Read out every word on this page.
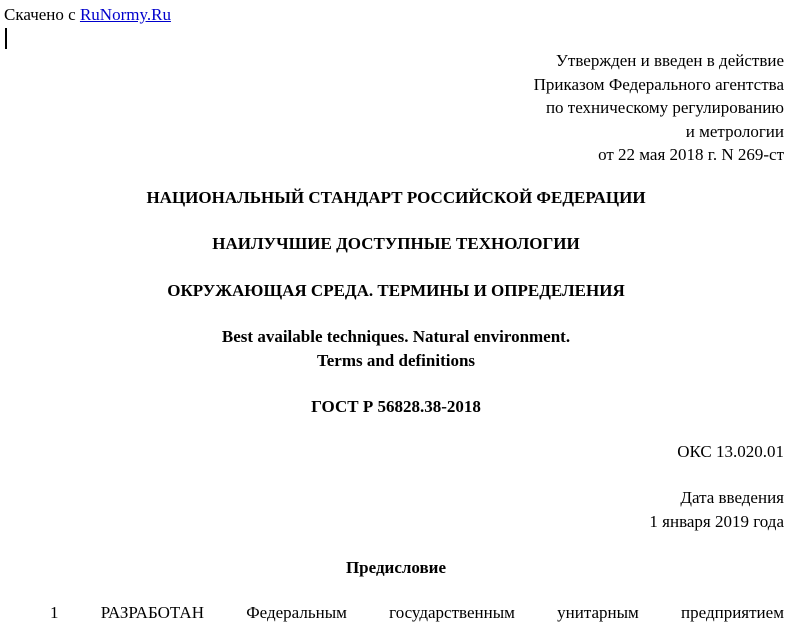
Скачено с RuNormy.Ru
Утвержден и введен в действие
Приказом Федерального агентства
по техническому регулированию
и метрологии
от 22 мая 2018 г. N 269-ст
НАЦИОНАЛЬНЫЙ СТАНДАРТ РОССИЙСКОЙ ФЕДЕРАЦИИ
НАИЛУЧШИЕ ДОСТУПНЫЕ ТЕХНОЛОГИИ
ОКРУЖАЮЩАЯ СРЕДА. ТЕРМИНЫ И ОПРЕДЕЛЕНИЯ
Best available techniques. Natural environment.
Terms and definitions
ГОСТ Р 56828.38-2018
ОКС 13.020.01
Дата введения
1 января 2019 года
Предисловие
1 РАЗРАБОТАН Федеральным государственным унитарным предприятием
